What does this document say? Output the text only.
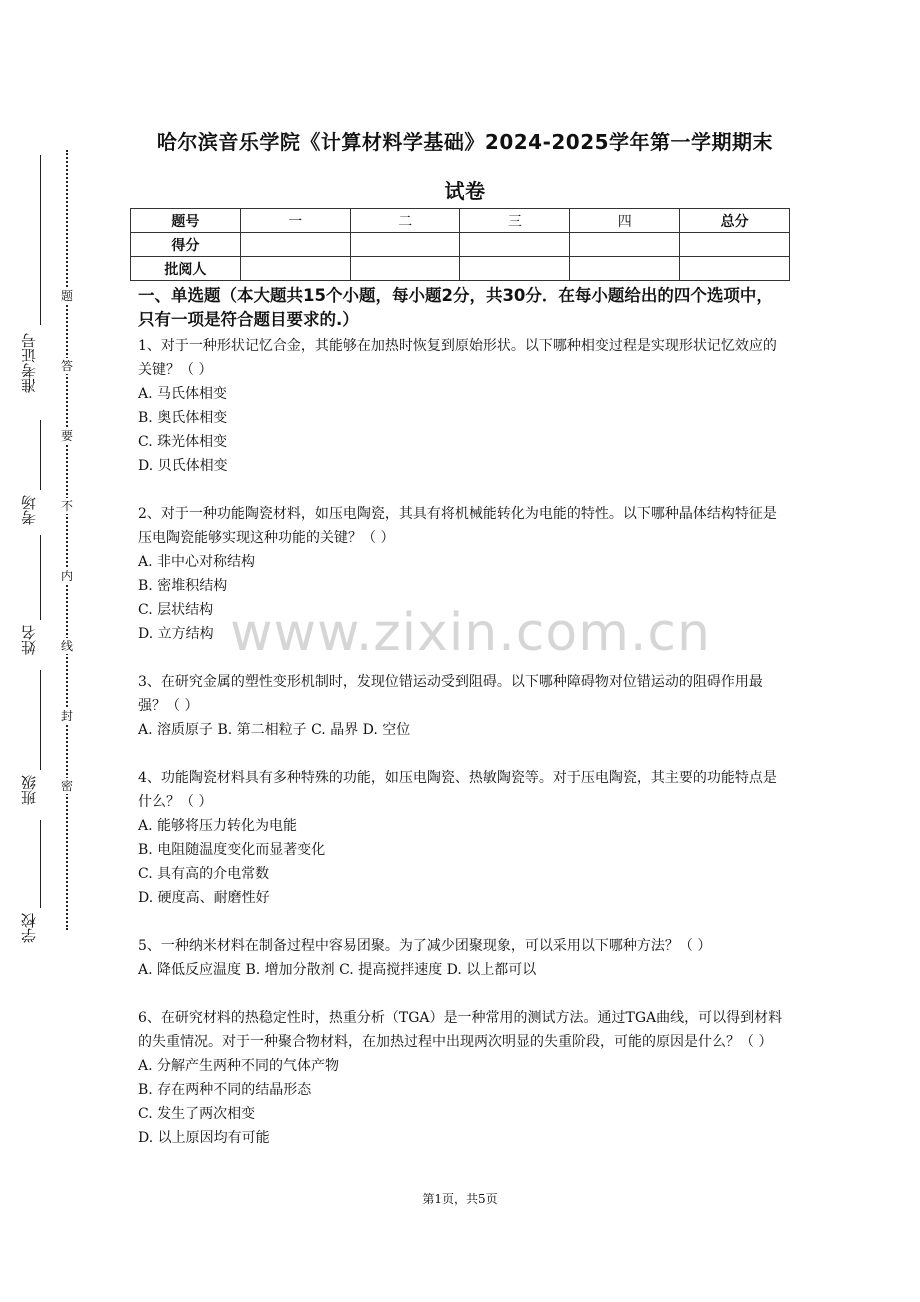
题
答
要
不
内
线
封
密
准考证号
考场
姓名
班级
学校
哈尔滨音乐学院《计算材料学基础》2024-2025学年第一学期期末
试卷
题号	一	二	三	四	总分
得分					
批阅人					

一、单选题（本大题共15个小题，每小题2分，共30分．在每小题给出的四个选项中，只有一项是符合题目要求的.）

1、对于一种形状记忆合金，其能够在加热时恢复到原始形状。以下哪种相变过程是实现形状记忆效应的关键？（ ）

A. 马氏体相变

B. 奥氏体相变

C. 珠光体相变

D. 贝氏体相变

2、对于一种功能陶瓷材料，如压电陶瓷，其具有将机械能转化为电能的特性。以下哪种晶体结构特征是压电陶瓷能够实现这种功能的关键？（ ）

A. 非中心对称结构

B. 密堆积结构

C. 层状结构

D. 立方结构

3、在研究金属的塑性变形机制时，发现位错运动受到阻碍。以下哪种障碍物对位错运动的阻碍作用最强？（ ）

A. 溶质原子 B. 第二相粒子 C. 晶界 D. 空位

4、功能陶瓷材料具有多种特殊的功能，如压电陶瓷、热敏陶瓷等。对于压电陶瓷，其主要的功能特点是什么？（ ）

A. 能够将压力转化为电能

B. 电阻随温度变化而显著变化

C. 具有高的介电常数

D. 硬度高、耐磨性好

5、一种纳米材料在制备过程中容易团聚。为了减少团聚现象，可以采用以下哪种方法？（ ）

A. 降低反应温度 B. 增加分散剂 C. 提高搅拌速度 D. 以上都可以

6、在研究材料的热稳定性时，热重分析（TGA）是一种常用的测试方法。通过TGA曲线，可以得到材料的失重情况。对于一种聚合物材料，在加热过程中出现两次明显的失重阶段，可能的原因是什么？（ ）

A. 分解产生两种不同的气体产物

B. 存在两种不同的结晶形态

C. 发生了两次相变

D. 以上原因均有可能

www.zixin.com.cn
第1页，共5页
